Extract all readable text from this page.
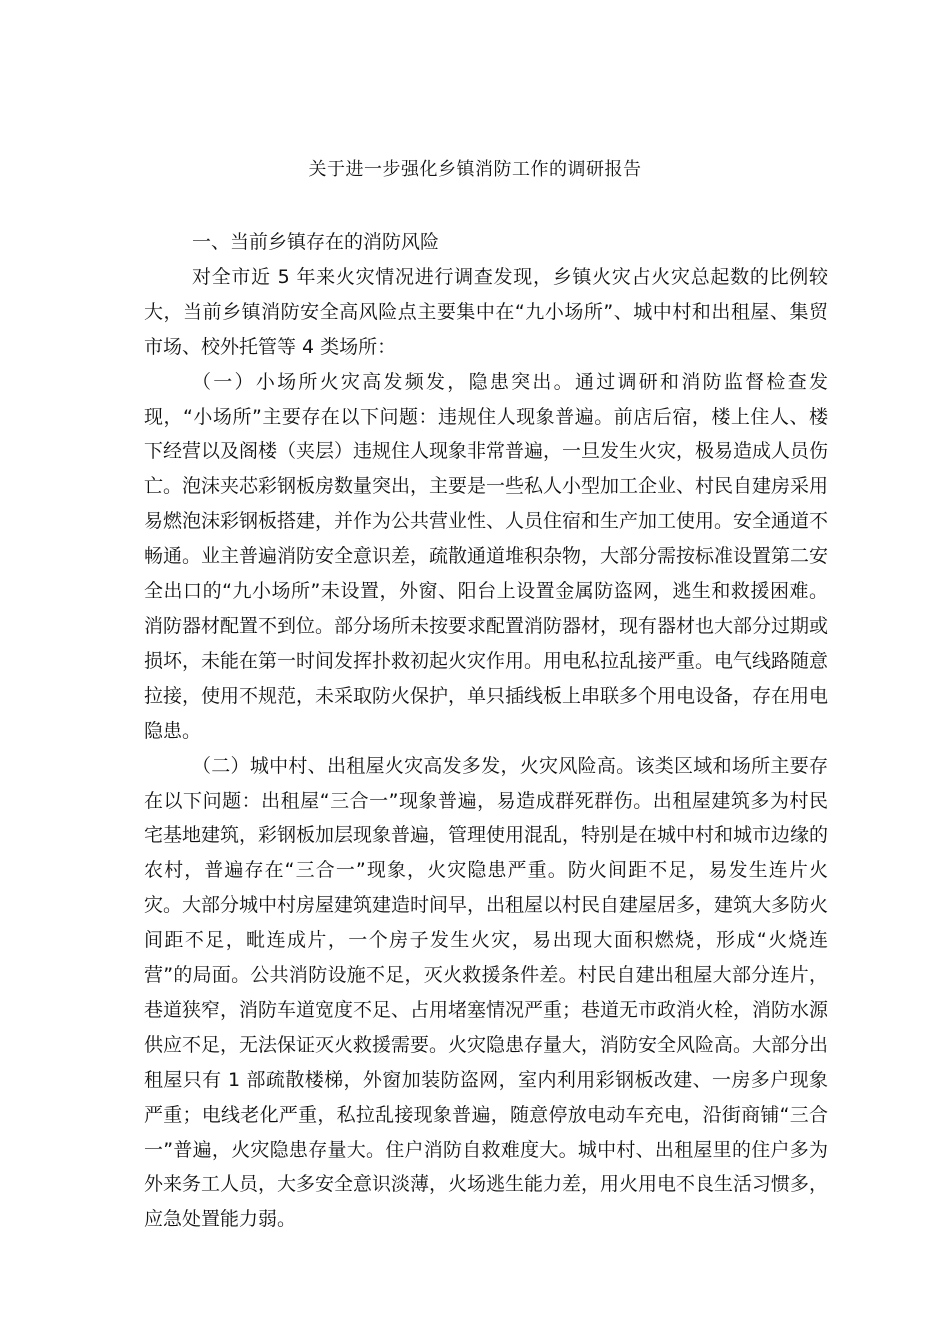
关于进一步强化乡镇消防工作的调研报告

一、当前乡镇存在的消防风险

对全市近 5 年来火灾情况进行调查发现，乡镇火灾占火灾总起数的比例较大，当前乡镇消防安全高风险点主要集中在“九小场所”、城中村和出租屋、集贸市场、校外托管等 4 类场所：

（一）小场所火灾高发频发，隐患突出。通过调研和消防监督检查发现，“小场所”主要存在以下问题：违规住人现象普遍。前店后宿，楼上住人、楼下经营以及阁楼（夹层）违规住人现象非常普遍，一旦发生火灾，极易造成人员伤亡。泡沫夹芯彩钢板房数量突出，主要是一些私人小型加工企业、村民自建房采用易燃泡沫彩钢板搭建，并作为公共营业性、人员住宿和生产加工使用。安全通道不畅通。业主普遍消防安全意识差，疏散通道堆积杂物，大部分需按标准设置第二安全出口的“九小场所”未设置，外窗、阳台上设置金属防盗网，逃生和救援困难。消防器材配置不到位。部分场所未按要求配置消防器材，现有器材也大部分过期或损坏，未能在第一时间发挥扑救初起火灾作用。用电私拉乱接严重。电气线路随意拉接，使用不规范，未采取防火保护，单只插线板上串联多个用电设备，存在用电隐患。

（二）城中村、出租屋火灾高发多发，火灾风险高。该类区域和场所主要存在以下问题：出租屋“三合一”现象普遍，易造成群死群伤。出租屋建筑多为村民宅基地建筑，彩钢板加层现象普遍，管理使用混乱，特别是在城中村和城市边缘的农村，普遍存在“三合一”现象，火灾隐患严重。防火间距不足，易发生连片火灾。大部分城中村房屋建筑建造时间早，出租屋以村民自建屋居多，建筑大多防火间距不足，毗连成片，一个房子发生火灾，易出现大面积燃烧，形成“火烧连营”的局面。公共消防设施不足，灭火救援条件差。村民自建出租屋大部分连片，巷道狭窄，消防车道宽度不足、占用堵塞情况严重；巷道无市政消火栓，消防水源供应不足，无法保证灭火救援需要。火灾隐患存量大，消防安全风险高。大部分出租屋只有 1 部疏散楼梯，外窗加装防盗网，室内利用彩钢板改建、一房多户现象严重；电线老化严重，私拉乱接现象普遍，随意停放电动车充电，沿街商铺“三合一”普遍，火灾隐患存量大。住户消防自救难度大。城中村、出租屋里的住户多为外来务工人员，大多安全意识淡薄，火场逃生能力差，用火用电不良生活习惯多，应急处置能力弱。
